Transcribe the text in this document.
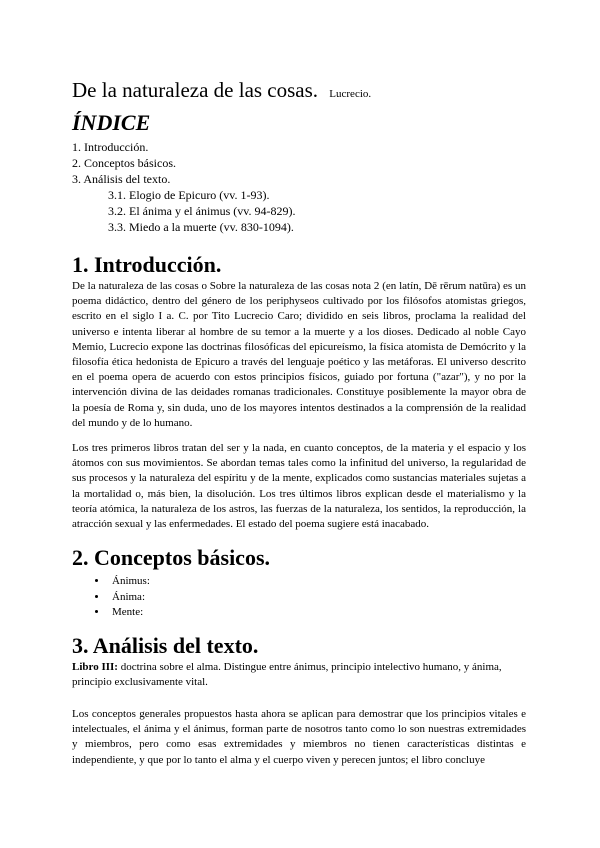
De la naturaleza de las cosas. Lucrecio.
ÍNDICE
1. Introducción.
2. Conceptos básicos.
3. Análisis del texto.
3.1. Elogio de Epicuro (vv. 1-93).
3.2. El ánima y el ánimus (vv. 94-829).
3.3. Miedo a la muerte (vv. 830-1094).
1. Introducción.

De la naturaleza de las cosas o Sobre la naturaleza de las cosas nota 2 (en latín, Dē rērum natūra) es un poema didáctico, dentro del género de los periphyseos cultivado por los filósofos atomistas griegos, escrito en el siglo I a. C. por Tito Lucrecio Caro; dividido en seis libros, proclama la realidad del universo e intenta liberar al hombre de su temor a la muerte y a los dioses. Dedicado al noble Cayo Memio, Lucrecio expone las doctrinas filosóficas del epicureísmo, la física atomista de Demócrito y la filosofía ética hedonista de Epicuro a través del lenguaje poético y las metáforas. El universo descrito en el poema opera de acuerdo con estos principios físicos, guiado por fortuna ("azar"), y no por la intervención divina de las deidades romanas tradicionales. Constituye posiblemente la mayor obra de la poesía de Roma y, sin duda, uno de los mayores intentos destinados a la comprensión de la realidad del mundo y de lo humano.

Los tres primeros libros tratan del ser y la nada, en cuanto conceptos, de la materia y el espacio y los átomos con sus movimientos. Se abordan temas tales como la infinitud del universo, la regularidad de sus procesos y la naturaleza del espíritu y de la mente, explicados como sustancias materiales sujetas a la mortalidad o, más bien, la disolución. Los tres últimos libros explican desde el materialismo y la teoría atómica, la naturaleza de los astros, las fuerzas de la naturaleza, los sentidos, la reproducción, la atracción sexual y las enfermedades. El estado del poema sugiere está inacabado.

2. Conceptos básicos.
• Ánimus:
• Ánima:
• Mente:
3. Análisis del texto.

Libro III: doctrina sobre el alma. Distingue entre ánimus, principio intelectivo humano, y ánima, principio exclusivamente vital.

Los conceptos generales propuestos hasta ahora se aplican para demostrar que los principios vitales e intelectuales, el ánima y el ánimus, forman parte de nosotros tanto como lo son nuestras extremidades y miembros, pero como esas extremidades y miembros no tienen características distintas e independiente, y que por lo tanto el alma y el cuerpo viven y perecen juntos; el libro concluye
